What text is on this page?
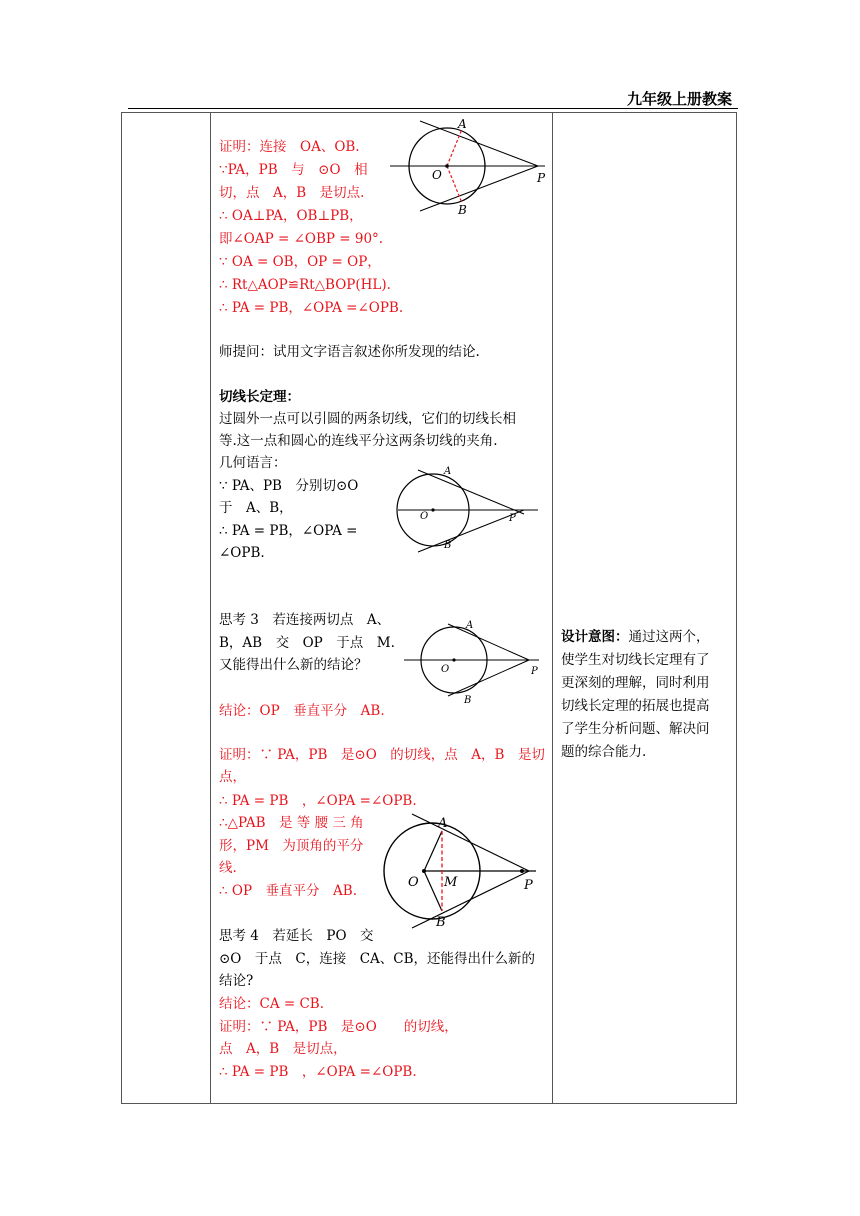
九年级上册教案
证明：连接　OA、OB.
∵PA，PB　与　⊙O　相
切，点　A，B　是切点.
∴ OA⊥PA，OB⊥PB，
即∠OAP = ∠OBP = 90°.
∵ OA = OB，OP = OP，
∴ Rt△AOP≌Rt△BOP(HL).
∴ PA = PB，∠OPA =∠OPB.
A
B
O	P
师提问：试用文字语言叙述你所发现的结论.
切线长定理：
过圆外一点可以引圆的两条切线，它们的切线长相
等.这一点和圆心的连线平分这两条切线的夹角.
几何语言：
∵ PA、PB　分别切⊙O
于　A、B，
∴ PA = PB，∠OPA =
∠OPB.
A
B
O	P
思考 3　若连接两切点　A、
B，AB　交　OP　于点　M.
又能得出什么新的结论？
结论：OP　垂直平分　AB.
证明：∵ PA，PB　是⊙O　的切线，点　A，B　是切
点，
∴ PA = PB　，∠OPA =∠OPB.
∴△PAB　是 等 腰 三 角
形，PM　为顶角的平分
线.
∴ OP　垂直平分　AB.
A
B
O	P
A
B
O M	P
思考 4　若延长　PO　交
⊙O　于点　C，连接　CA、CB，还能得出什么新的
结论?
结论：CA = CB.
证明：∵ PA，PB　是⊙O　　的切线，
点　A，B　是切点，
∴ PA = PB　，∠OPA =∠OPB.
设计意图：通过这两个，
使学生对切线长定理有了
更深刻的理解，同时利用
切线长定理的拓展也提高
了学生分析问题、解决问
题的综合能力.
